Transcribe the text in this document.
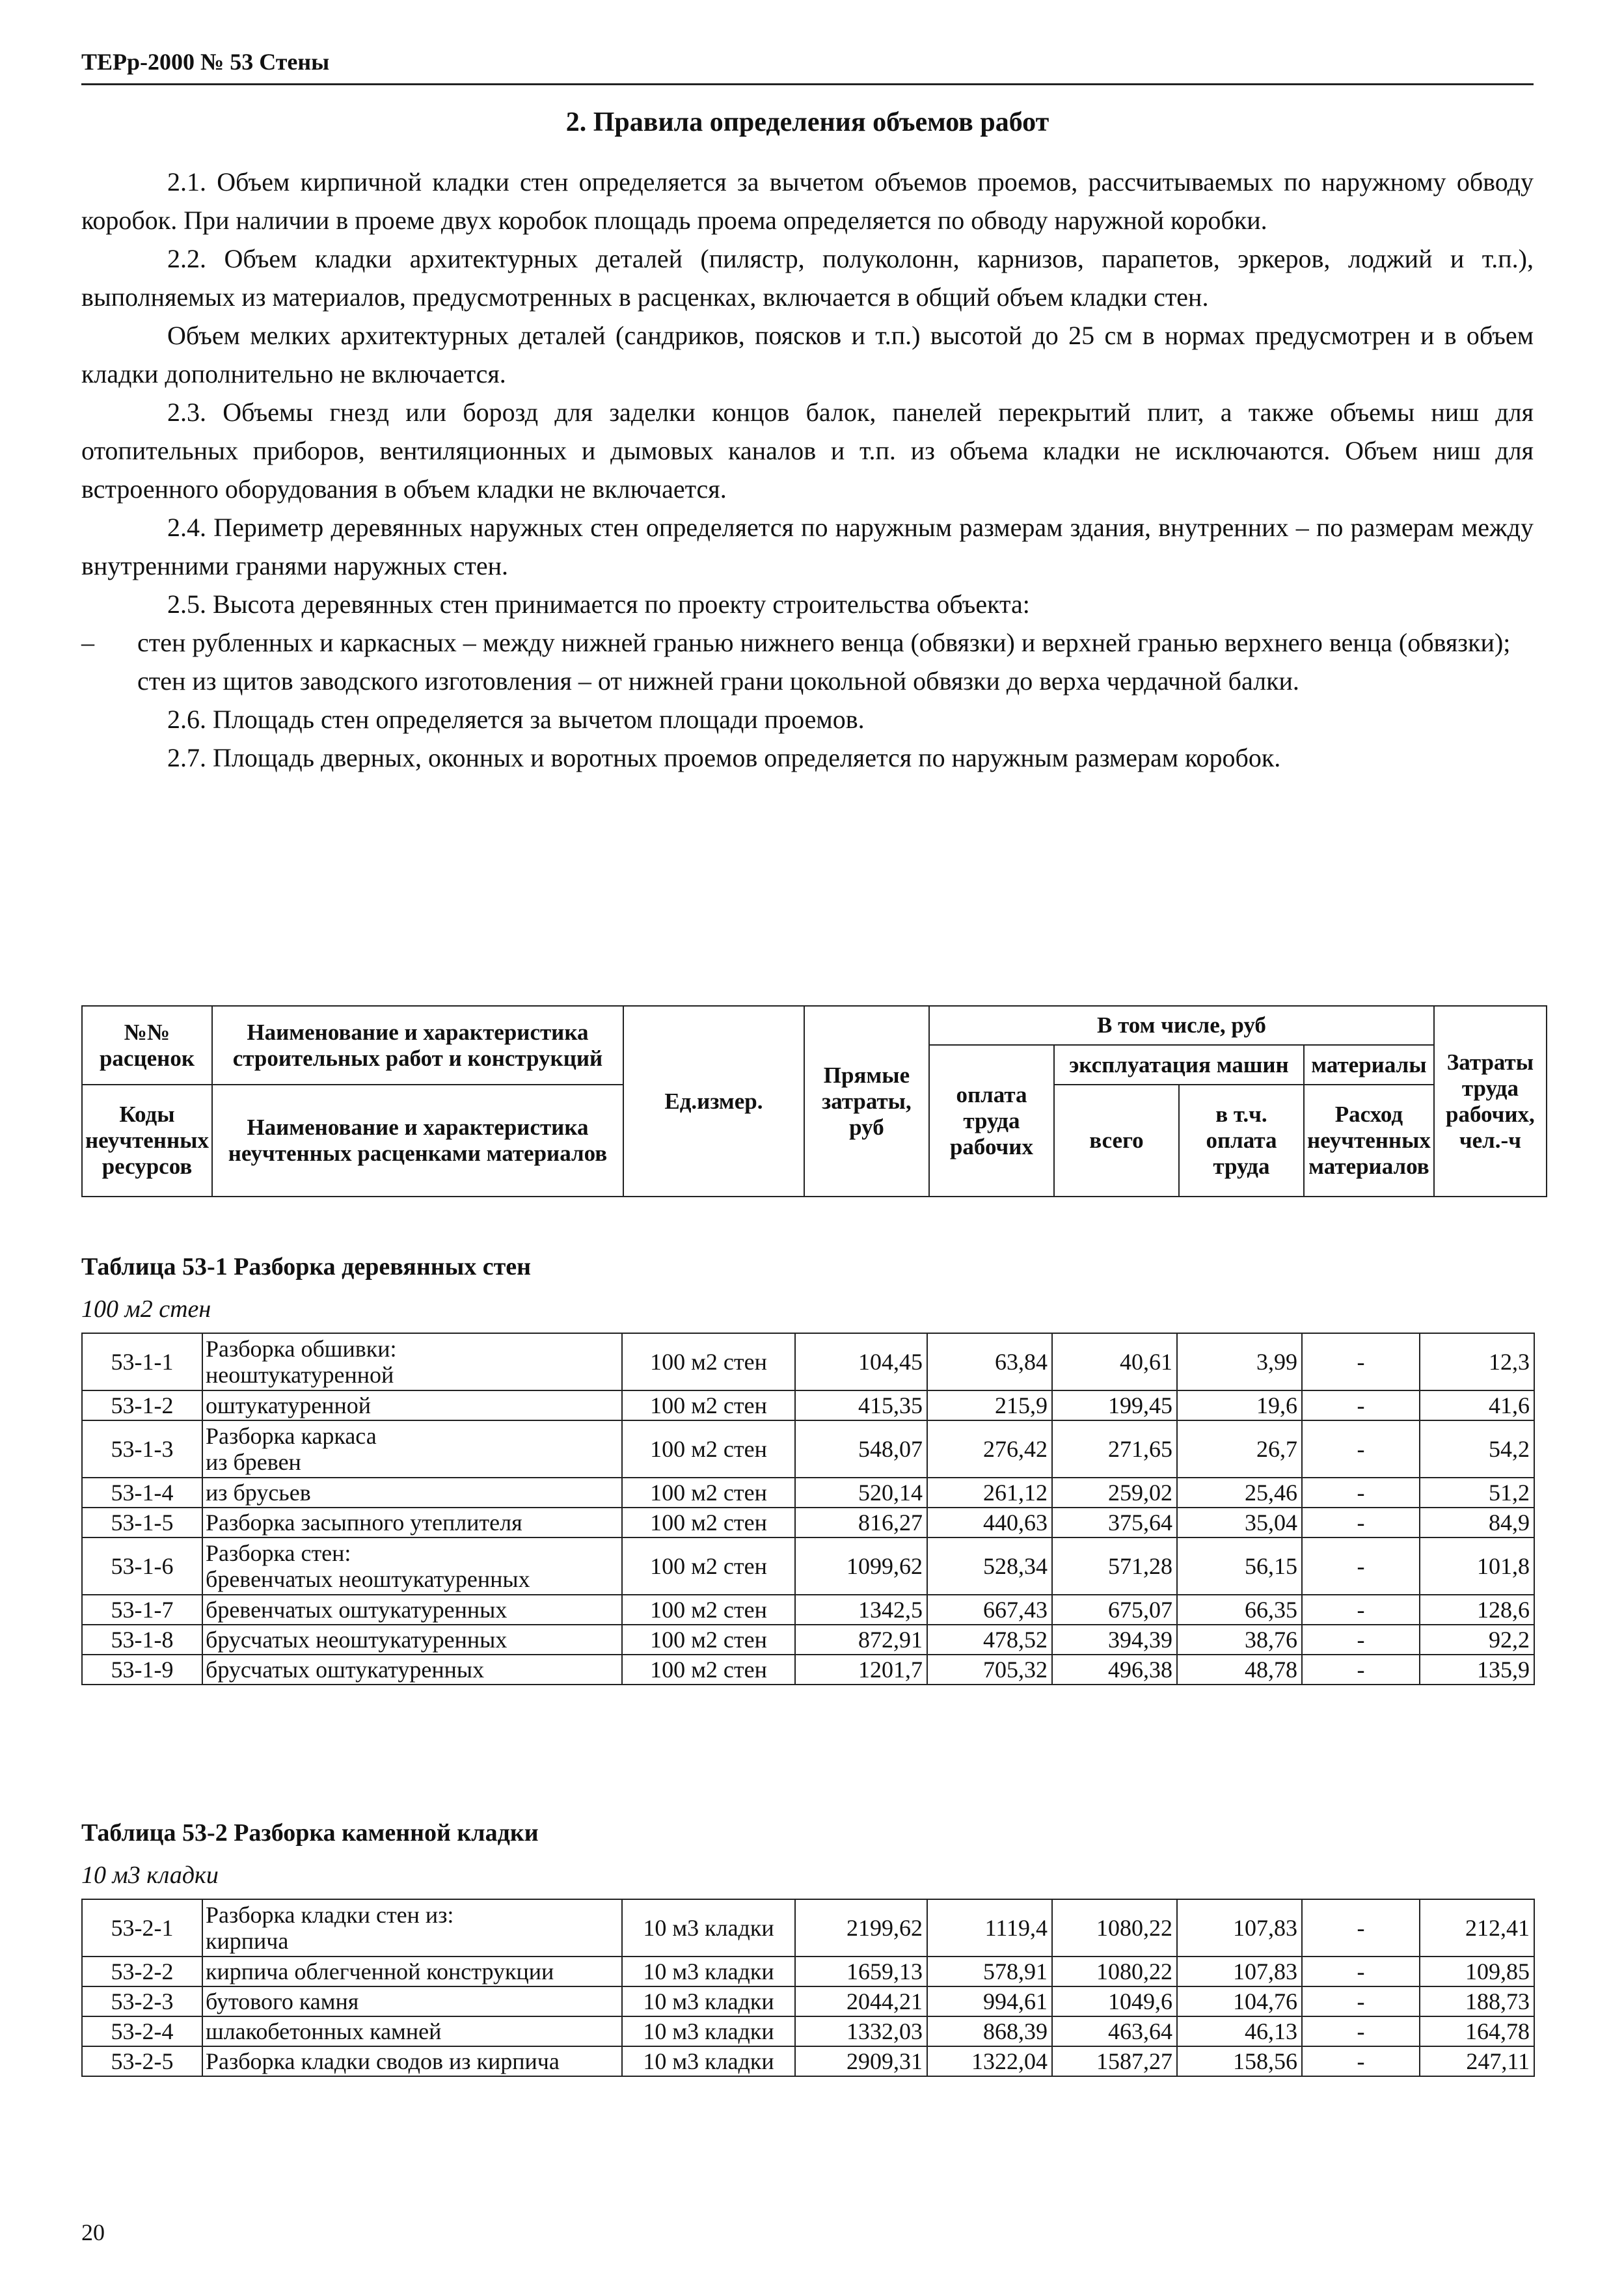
ТЕРр-2000 № 53 Стены
2. Правила определения объемов работ

2.1. Объем кирпичной кладки стен определяется за вычетом объемов проемов, рассчитываемых по наружному обводу коробок. При наличии в проеме двух коробок площадь проема определяется по обводу наружной коробки.

2.2. Объем кладки архитектурных деталей (пилястр, полуколонн, карнизов, парапетов, эркеров, лоджий и т.п.), выполняемых из материалов, предусмотренных в расценках, включается в общий объем кладки стен.

Объем мелких архитектурных деталей (сандриков, поясков и т.п.) высотой до 25 см в нормах предусмотрен и в объем кладки дополнительно не включается.

2.3. Объемы гнезд или борозд для заделки концов балок, панелей перекрытий плит, а также объемы ниш для отопительных приборов, вентиляционных и дымовых каналов и т.п. из объема кладки не исключаются. Объем ниш для встроенного оборудования в объем кладки не включается.

2.4. Периметр деревянных наружных стен определяется по наружным размерам здания, внутренних – по размерам между внутренними гранями наружных стен.

2.5. Высота деревянных стен принимается по проекту строительства объекта:

– стен рубленных и каркасных – между нижней гранью нижнего венца (обвязки) и верхней гранью верхнего венца (обвязки);

стен из щитов заводского изготовления – от нижней грани цокольной обвязки до верха чердачной балки.

2.6. Площадь стен определяется за вычетом площади проемов.

2.7. Площадь дверных, оконных и воротных проемов определяется по наружным размерам коробок.

№№ расценок	Наименование и характеристика строительных работ и конструкций	Ед.измер.	Прямые затраты, руб	В том числе, руб				Затраты труда рабочих, чел.-ч
				оплата труда рабочих	эксплуатация машин		материалы	

Коды неучтенных ресурсов	Наименование и характеристика неучтенных расценками материалов				всего	в т.ч. оплата труда	Расход неучтенных материалов	

Таблица 53-1 Разборка деревянных стен
100 м2 стен
53-1-1	Разборка обшивки:
неоштукатуренной	100 м2 стен	104,45	63,84	40,61	3,99	-	12,3
53-1-2	оштукатуренной	100 м2 стен	415,35	215,9	199,45	19,6	-	41,6
53-1-3	Разборка каркаса
из бревен	100 м2 стен	548,07	276,42	271,65	26,7	-	54,2
53-1-4	из брусьев	100 м2 стен	520,14	261,12	259,02	25,46	-	51,2
53-1-5	Разборка засыпного утеплителя	100 м2 стен	816,27	440,63	375,64	35,04	-	84,9
53-1-6	Разборка стен:
бревенчатых неоштукатуренных	100 м2 стен	1099,62	528,34	571,28	56,15	-	101,8
53-1-7	бревенчатых оштукатуренных	100 м2 стен	1342,5	667,43	675,07	66,35	-	128,6
53-1-8	брусчатых неоштукатуренных	100 м2 стен	872,91	478,52	394,39	38,76	-	92,2
53-1-9	брусчатых оштукатуренных	100 м2 стен	1201,7	705,32	496,38	48,78	-	135,9
Таблица 53-2 Разборка каменной кладки
10 м3 кладки
53-2-1	Разборка кладки стен из:
кирпича	10 м3 кладки	2199,62	1119,4	1080,22	107,83	-	212,41
53-2-2	кирпича облегченной конструкции	10 м3 кладки	1659,13	578,91	1080,22	107,83	-	109,85
53-2-3	бутового камня	10 м3 кладки	2044,21	994,61	1049,6	104,76	-	188,73
53-2-4	шлакобетонных камней	10 м3 кладки	1332,03	868,39	463,64	46,13	-	164,78
53-2-5	Разборка кладки сводов из кирпича	10 м3 кладки	2909,31	1322,04	1587,27	158,56	-	247,11
20
